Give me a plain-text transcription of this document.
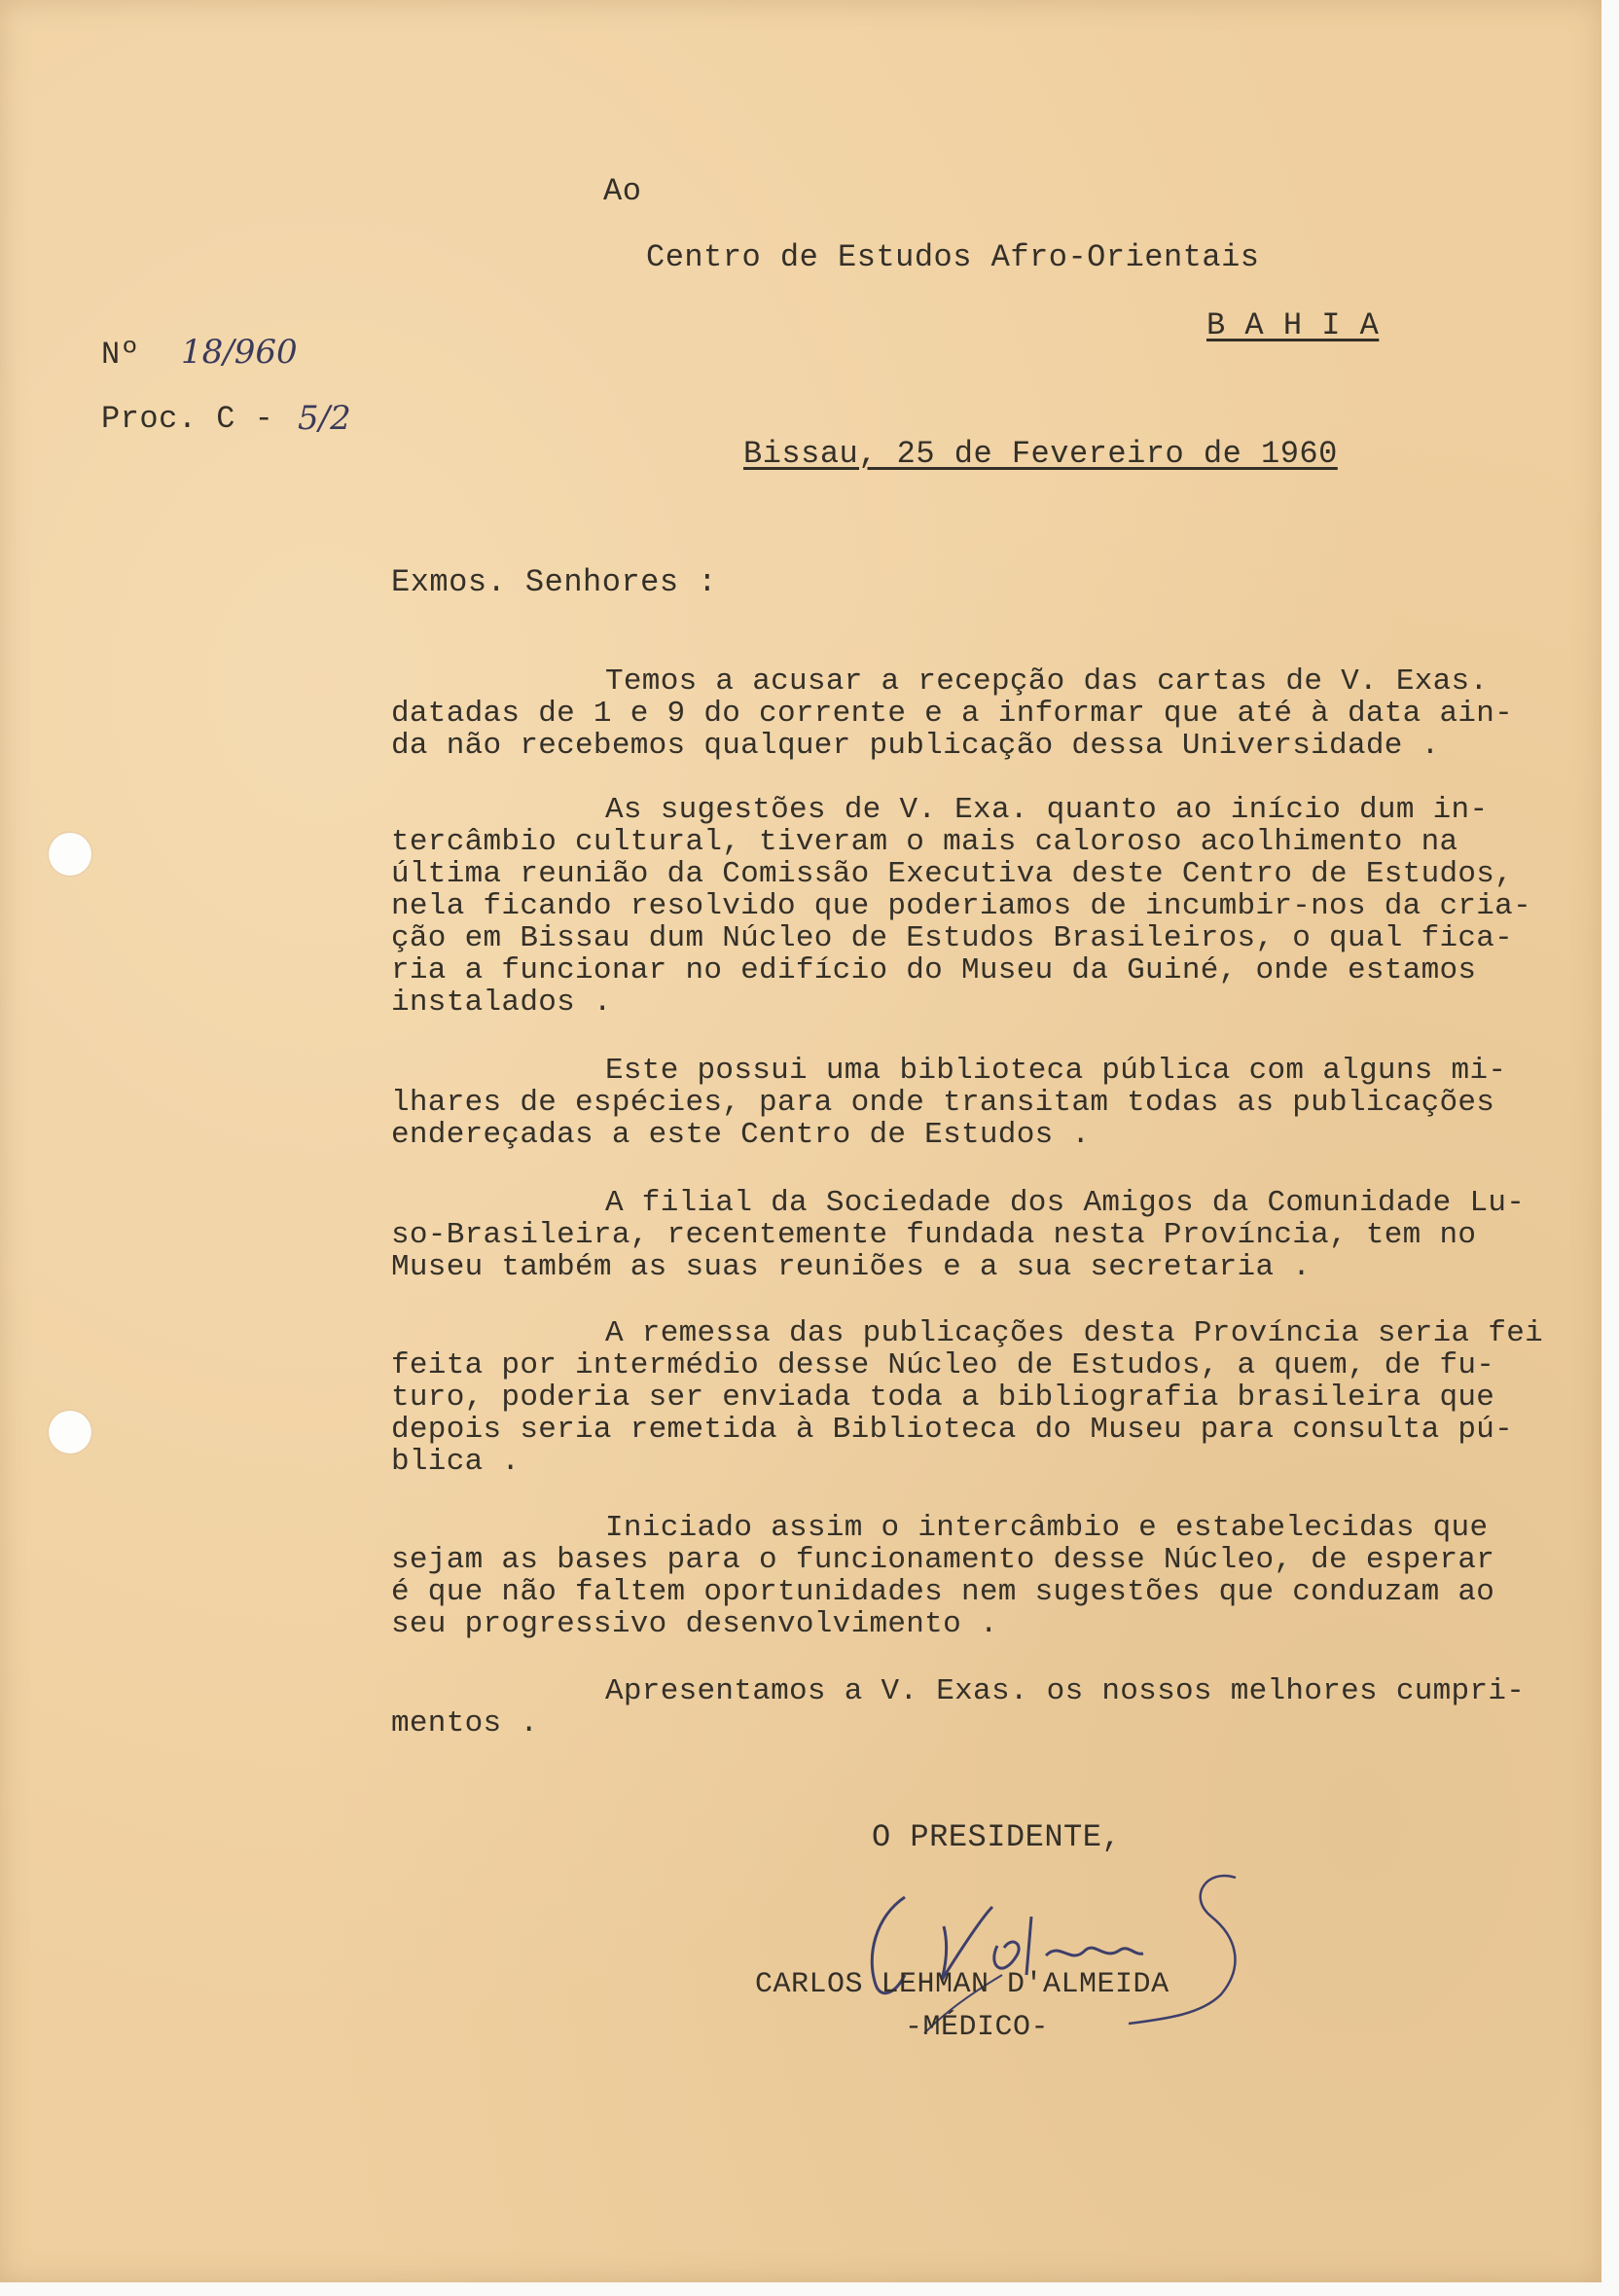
Ao
Centro de Estudos Afro-Orientais
B A H I A
Nº 18/960
Proc. C - 5/2
Bissau, 25 de Fevereiro de 1960
Exmos. Senhores :
Temos a acusar a recepção das cartas de V. Exas.
datadas de 1 e 9 do corrente e a informar que até à data ain-
da não recebemos qualquer publicação dessa Universidade .
As sugestões de V. Exa. quanto ao início dum in-
tercâmbio cultural, tiveram o mais caloroso acolhimento na
última reunião da Comissão Executiva deste Centro de Estudos,
nela ficando resolvido que poderiamos de incumbir-nos da cria-
ção em Bissau dum Núcleo de Estudos Brasileiros, o qual fica-
ria a funcionar no edifício do Museu da Guiné, onde estamos
instalados .
Este possui uma biblioteca pública com alguns mi-
lhares de espécies, para onde transitam todas as publicações
endereçadas a este Centro de Estudos .
A filial da Sociedade dos Amigos da Comunidade Lu-
so-Brasileira, recentemente fundada nesta Província, tem no
Museu também as suas reuniões e a sua secretaria .
A remessa das publicações desta Província seria fei
feita por intermédio desse Núcleo de Estudos, a quem, de fu-
turo, poderia ser enviada toda a bibliografia brasileira que
depois seria remetida à Biblioteca do Museu para consulta pú-
blica .
Iniciado assim o intercâmbio e estabelecidas que
sejam as bases para o funcionamento desse Núcleo, de esperar
é que não faltem oportunidades nem sugestões que conduzam ao
seu progressivo desenvolvimento .
Apresentamos a V. Exas. os nossos melhores cumpri-
mentos .
O PRESIDENTE,
CARLOS LEHMAN D'ALMEIDA
-MÉDICO-
